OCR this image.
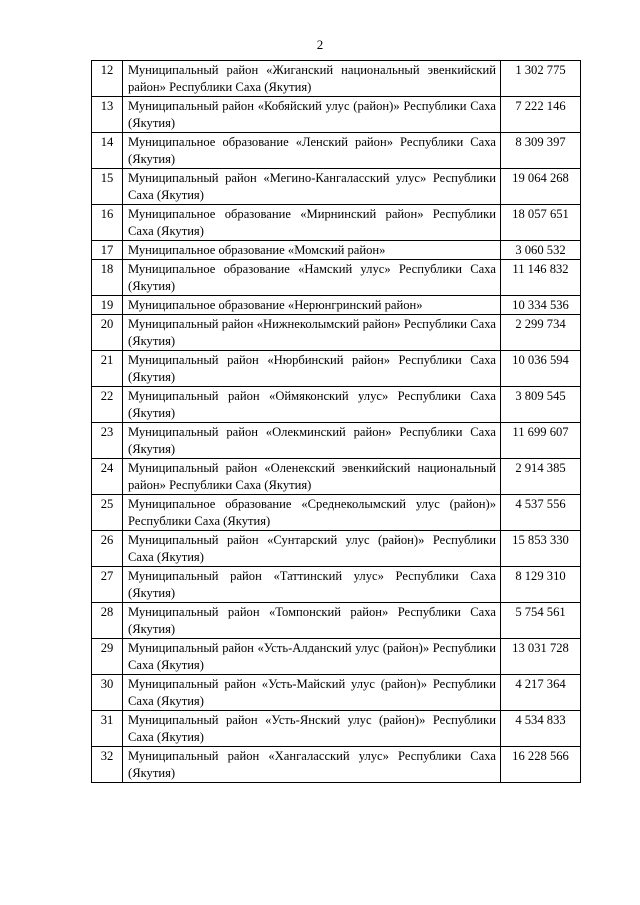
2
12	Муниципальный район «Жиганский национальный эвенкийский район» Республики Саха (Якутия)	1 302 775
13	Муниципальный район «Кобяйский улус (район)» Республики Саха (Якутия)	7 222 146
14	Муниципальное образование «Ленский район» Республики Саха (Якутия)	8 309 397
15	Муниципальный район «Мегино-Кангаласский улус» Республики Саха (Якутия)	19 064 268
16	Муниципальное образование «Мирнинский район» Республики Саха (Якутия)	18 057 651
17	Муниципальное образование «Момский район»	3 060 532
18	Муниципальное образование «Намский улус» Республики Саха (Якутия)	11 146 832
19	Муниципальное образование «Нерюнгринский район»	10 334 536
20	Муниципальный район «Нижнеколымский район» Республики Саха (Якутия)	2 299 734
21	Муниципальный район «Нюрбинский район» Республики Саха (Якутия)	10 036 594
22	Муниципальный район «Оймяконский улус» Республики Саха (Якутия)	3 809 545
23	Муниципальный район «Олекминский район» Республики Саха (Якутия)	11 699 607
24	Муниципальный район «Оленекский эвенкийский национальный район» Республики Саха (Якутия)	2 914 385
25	Муниципальное образование «Среднеколымский улус (район)» Республики Саха (Якутия)	4 537 556
26	Муниципальный район «Сунтарский улус (район)» Республики Саха (Якутия)	15 853 330
27	Муниципальный район «Таттинский улус» Республики Саха (Якутия)	8 129 310
28	Муниципальный район «Томпонский район» Республики Саха (Якутия)	5 754 561
29	Муниципальный район «Усть-Алданский улус (район)» Республики Саха (Якутия)	13 031 728
30	Муниципальный район «Усть-Майский улус (район)» Республики Саха (Якутия)	4 217 364
31	Муниципальный район «Усть-Янский улус (район)» Республики Саха (Якутия)	4 534 833
32	Муниципальный район «Хангаласский улус» Республики Саха (Якутия)	16 228 566
